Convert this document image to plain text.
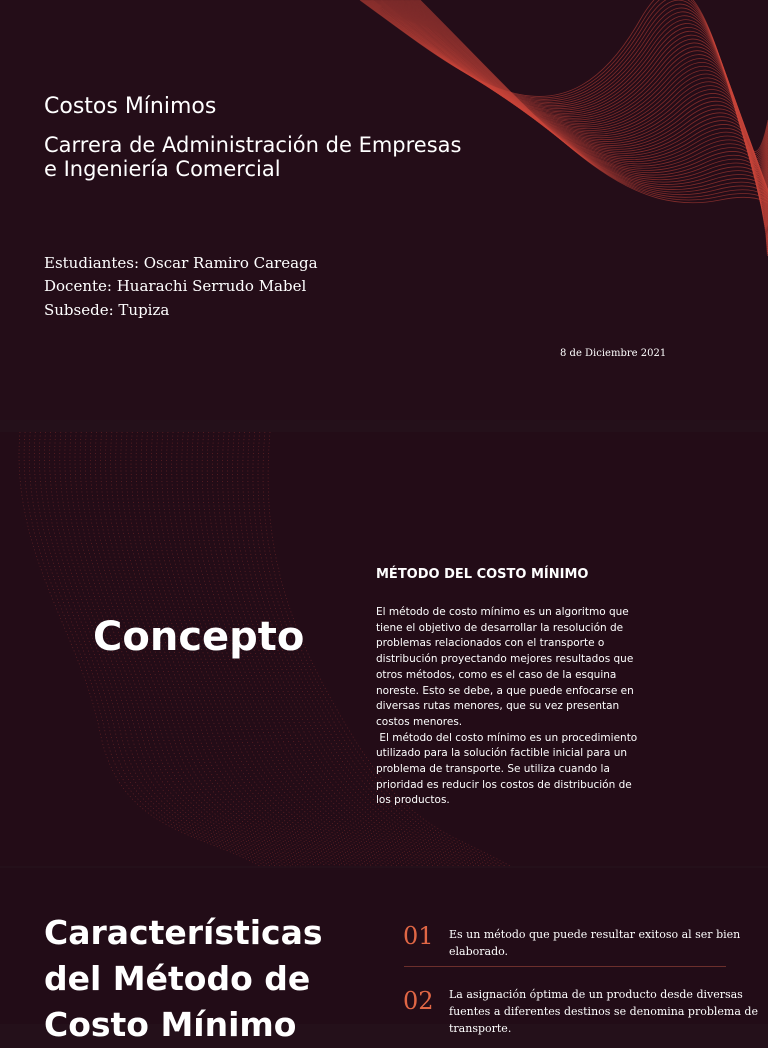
Costos Mínimos
Carrera de Administración de Empresas e Ingeniería Comercial
Estudiantes: Oscar Ramiro Careaga
Docente: Huarachi Serrudo Mabel
Subsede: Tupiza
8 de Diciembre 2021
Concepto
MÉTODO DEL COSTO MÍNIMO

El método de costo mínimo es un algoritmo que tiene el objetivo de desarrollar la resolución de problemas relacionados con el transporte o distribución proyectando mejores resultados que otros métodos, como es el caso de la esquina noreste. Esto se debe, a que puede enfocarse en diversas rutas menores, que su vez presentan costos menores.

El método del costo mínimo es un procedimiento utilizado para la solución factible inicial para un problema de transporte. Se utiliza cuando la prioridad es reducir los costos de distribución de los productos.

Características del Método de Costo Mínimo
01 Es un método que puede resultar exitoso al ser bien elaborado.
02 La asignación óptima de un producto desde diversas fuentes a diferentes destinos se denomina problema de transporte.
